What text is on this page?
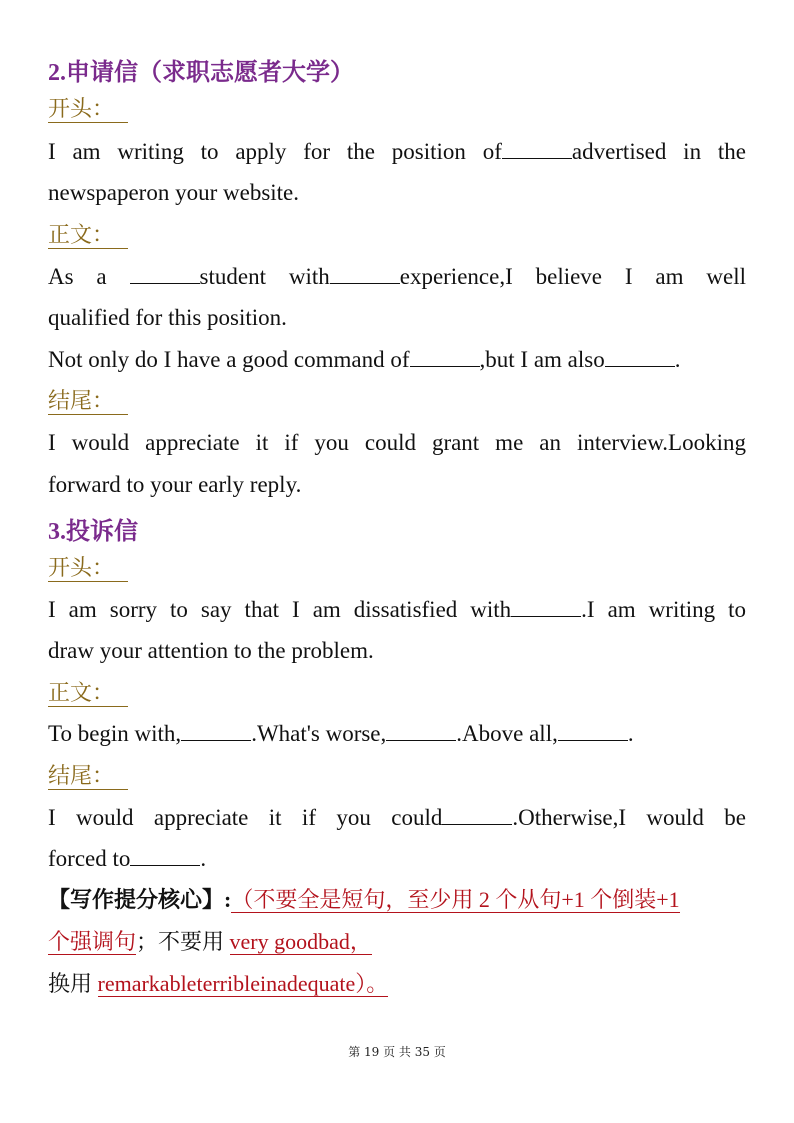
2.申请信（求职志愿者大学）
开头：
I am writing to apply for the position of	advertised in the
newspaperon your website.
正文：
As a	student with	experience,I believe I am well
qualified for this position.
Not only do I have a good command of	,but I am also	.
结尾：
I would appreciate it if you could grant me an interview.Looking
forward to your early reply.
3.投诉信
开头：
I am sorry to say that I am dissatisfied with	.I am writing to
draw your attention to the problem.
正文：
To begin with,	.What's worse,	.Above all,	.
结尾：
I would appreciate it if you could	.Otherwise,I would be
forced to	.
【写作提分核心】:（不要全是短句，至少用 2 个从句+1 个倒装+1
个强调句；不要用 very goodbad，
换用 remarkableterribleinadequate）。
第 19 页 共 35 页
